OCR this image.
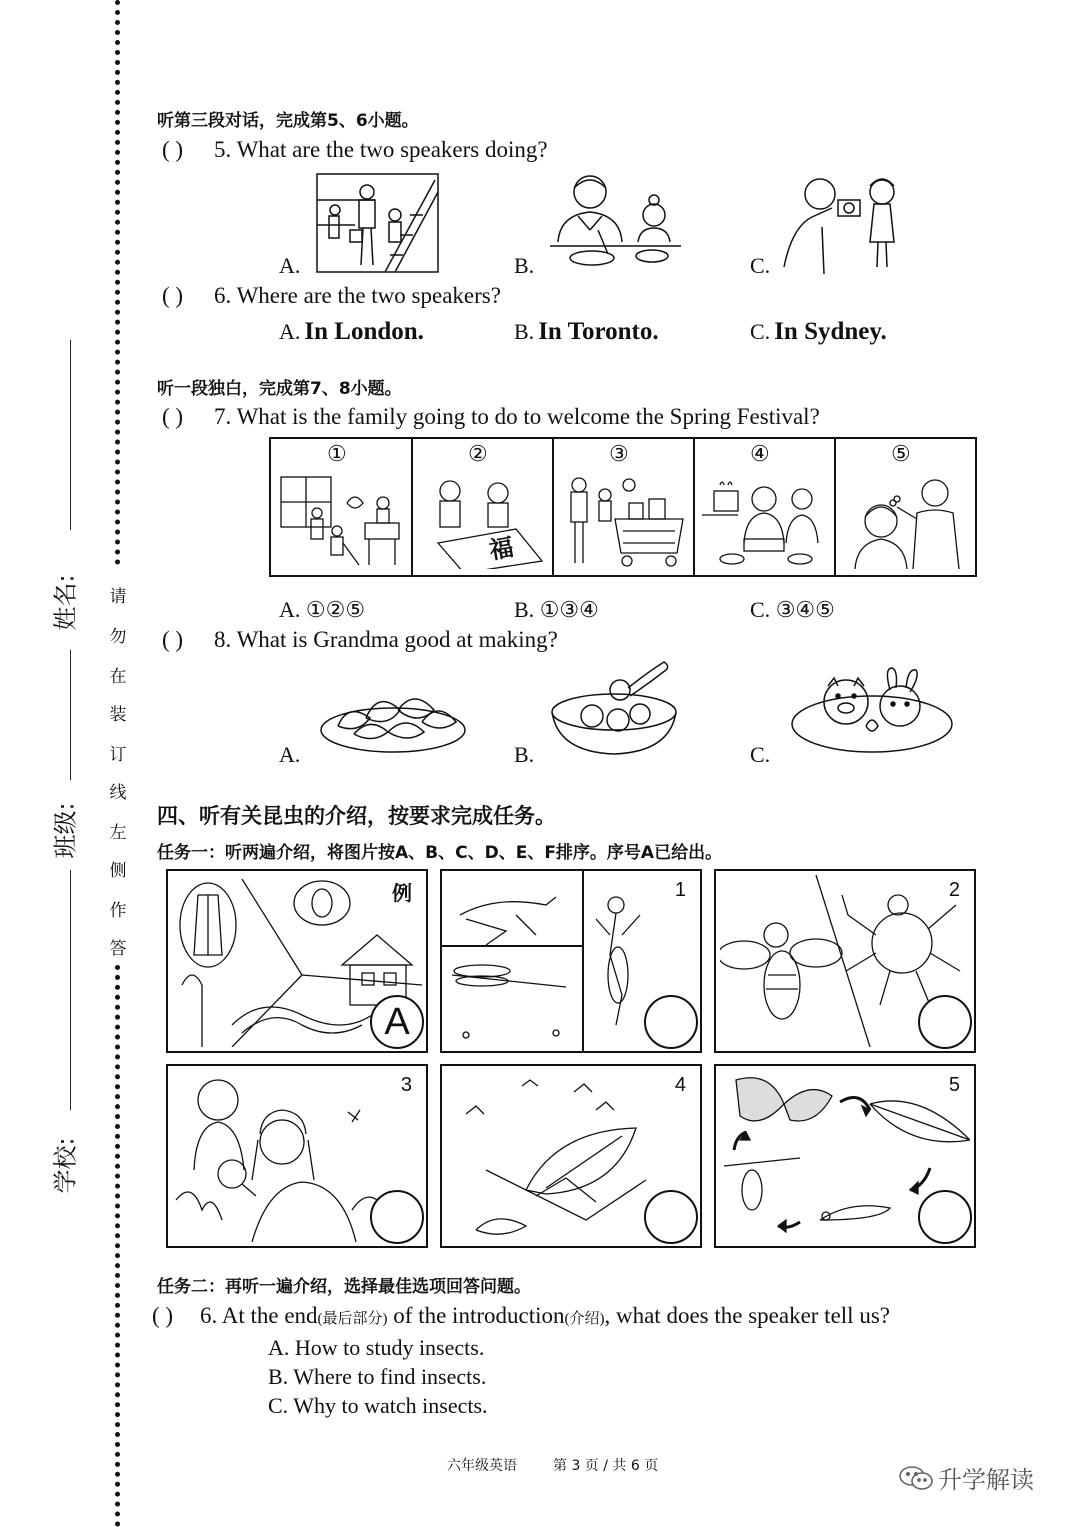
姓名:
班级:
学校:
请
勿
在
装
订
线
左
侧
作
答
听第三段对话，完成第5、6小题。
( ) 5. What are the two speakers doing?
A.	B.	C.
( ) 6. Where are the two speakers?
A. In London.	B. In Toronto.	C. In Sydney.
听一段独白，完成第7、8小题。
( ) 7. What is the family going to do to welcome the Spring Festival?
①	②	③	④	⑤
福
A. ①②⑤	B. ①③④	C. ③④⑤
( ) 8. What is Grandma good at making?
A.	B.	C.
四、听有关昆虫的介绍，按要求完成任务。
任务一：听两遍介绍，将图片按A、B、C、D、E、F排序。序号A已给出。
例
A
1	2
3	4	5
任务二：再听一遍介绍，选择最佳选项回答问题。
( ) 6. At the end(最后部分) of the introduction(介绍), what does the speaker tell us?
A. How to study insects.
B. Where to find insects.
C. Why to watch insects.
六年级英语	第 3 页 / 共 6 页	升学解读
